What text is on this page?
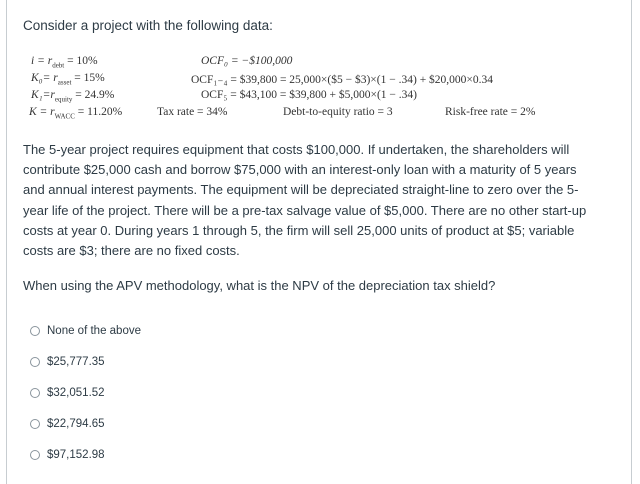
Consider a project with the following data:
$i = r_{debt} = 10\%$	OCF₀ = −$100,000
$K_0= r_{asset} = 15\%$	OCF₁₋₄ = $39,800 = 25,000×($5 − $3)×(1 − .34) + $20,000×0.34
$K_1=r_{equity} = 24.9\%$	OCF₅ = $43,100 = $39,800 + $5,000×(1 − .34)
$K = r_{WACC} = 11.20\%$	Tax rate = 34%	Debt-to-equity ratio = 3	Risk-free rate = 2%
The 5-year project requires equipment that costs $100,000. If undertaken, the shareholders will contribute $25,000 cash and borrow $75,000 with an interest-only loan with a maturity of 5 years and annual interest payments. The equipment will be depreciated straight-line to zero over the 5-year life of the project. There will be a pre-tax salvage value of $5,000. There are no other start-up costs at year 0. During years 1 through 5, the firm will sell 25,000 units of product at $5; variable costs are $3; there are no fixed costs.
When using the APV methodology, what is the NPV of the depreciation tax shield?
None of the above
$25,777.35
$32,051.52
$22,794.65
$97,152.98
